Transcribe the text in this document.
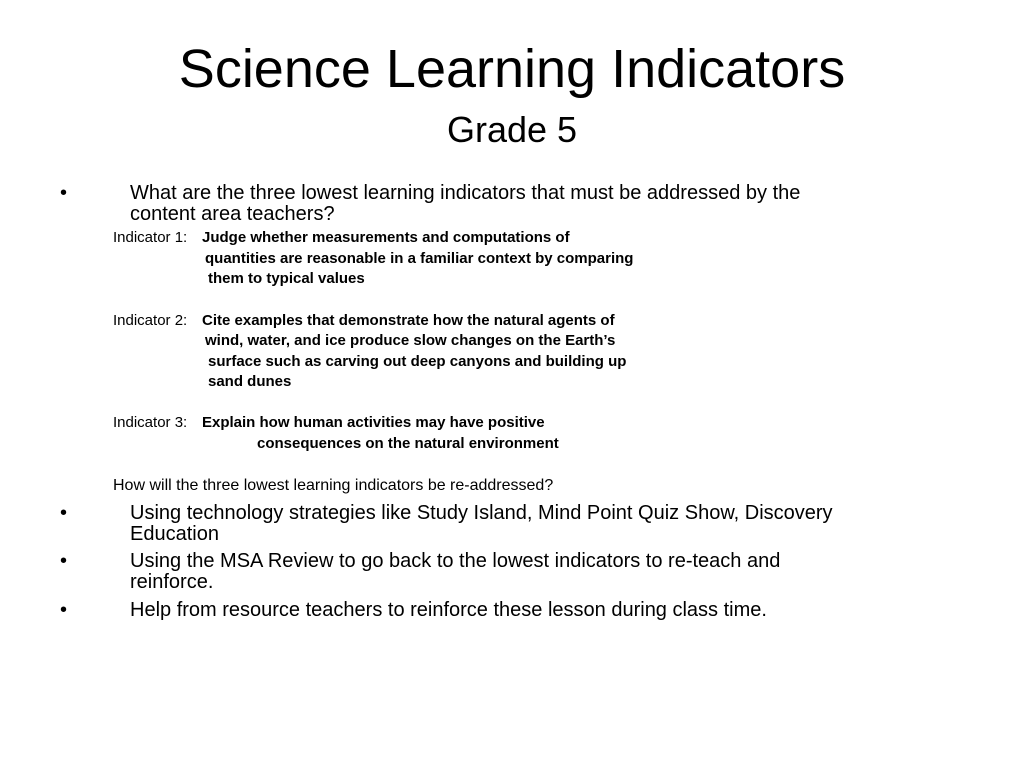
Science Learning Indicators
Grade 5
•	What are the three lowest learning indicators that must be addressed by the
content area teachers?
Indicator 1: Judge whether measurements and computations of
quantities are reasonable in a familiar context by comparing
them to typical values
Indicator 2: Cite examples that demonstrate how the natural agents of
wind, water, and ice produce slow changes on the Earth’s
surface such as carving out deep canyons and building up
sand dunes
Indicator 3: Explain how human activities may have positive
consequences on the natural environment
How will the three lowest learning indicators be re-addressed?
•	Using technology strategies like Study Island, Mind Point Quiz Show, Discovery
Education
•	Using the MSA Review to go back to the lowest indicators to re-teach and
reinforce.
•	Help from resource teachers to reinforce these lesson during class time.
